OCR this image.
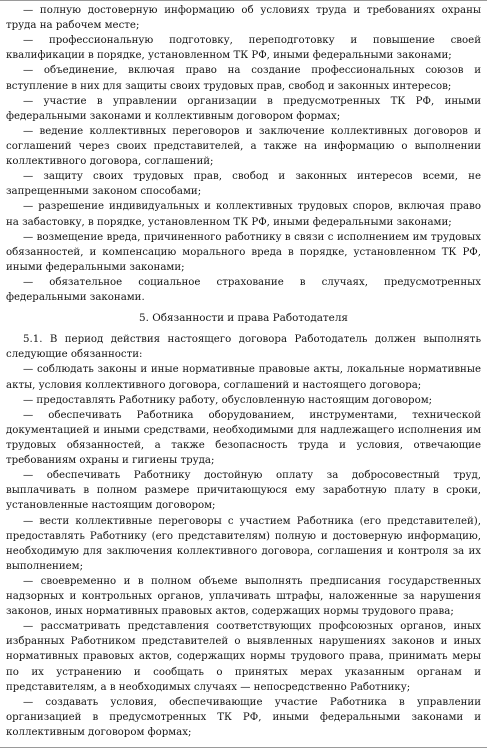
— полную достоверную информацию об условиях труда и требованиях охраны труда на рабочем месте;

— профессиональную подготовку, переподготовку и повышение своей квалификации в порядке, установленном ТК РФ, иными федеральными законами;

— объединение, включая право на создание профессиональных союзов и вступление в них для защиты своих трудовых прав, свобод и законных интересов;

— участие в управлении организации в предусмотренных ТК РФ, иными федеральными законами и коллективным договором формах;

— ведение коллективных переговоров и заключение коллективных договоров и соглашений через своих представителей, а также на информацию о выполнении коллективного договора, соглашений;

— защиту своих трудовых прав, свобод и законных интересов всеми, не запрещенными законом способами;

— разрешение индивидуальных и коллективных трудовых споров, включая право на забастовку, в порядке, установленном ТК РФ, иными федеральными законами;

— возмещение вреда, причиненного работнику в связи с исполнением им трудовых обязанностей, и компенсацию морального вреда в порядке, установленном ТК РФ, иными федеральными законами;

— обязательное социальное страхование в случаях, предусмотренных федеральными законами.

5. Обязанности и права Работодателя

5.1. В период действия настоящего договора Работодатель должен выполнять следующие обязанности:

— соблюдать законы и иные нормативные правовые акты, локальные нормативные акты, условия коллективного договора, соглашений и настоящего договора;

— предоставлять Работнику работу, обусловленную настоящим договором;

— обеспечивать Работника оборудованием, инструментами, технической документацией и иными средствами, необходимыми для надлежащего исполнения им трудовых обязанностей, а также безопасность труда и условия, отвечающие требованиям охраны и гигиены труда;

— обеспечивать Работнику достойную оплату за добросовестный труд, выплачивать в полном размере причитающуюся ему заработную плату в сроки, установленные настоящим договором;

— вести коллективные переговоры с участием Работника (его представителей), предоставлять Работнику (его представителям) полную и достоверную информацию, необходимую для заключения коллективного договора, соглашения и контроля за их выполнением;

— своевременно и в полном объеме выполнять предписания государственных надзорных и контрольных органов, уплачивать штрафы, наложенные за нарушения законов, иных нормативных правовых актов, содержащих нормы трудового права;

— рассматривать представления соответствующих профсоюзных органов, иных избранных Работником представителей о выявленных нарушениях законов и иных нормативных правовых актов, содержащих нормы трудового права, принимать меры по их устранению и сообщать о принятых мерах указанным органам и представителям, а в необходимых случаях — непосредственно Работнику;

— создавать условия, обеспечивающие участие Работника в управлении организацией в предусмотренных ТК РФ, иными федеральными законами и коллективным договором формах;
